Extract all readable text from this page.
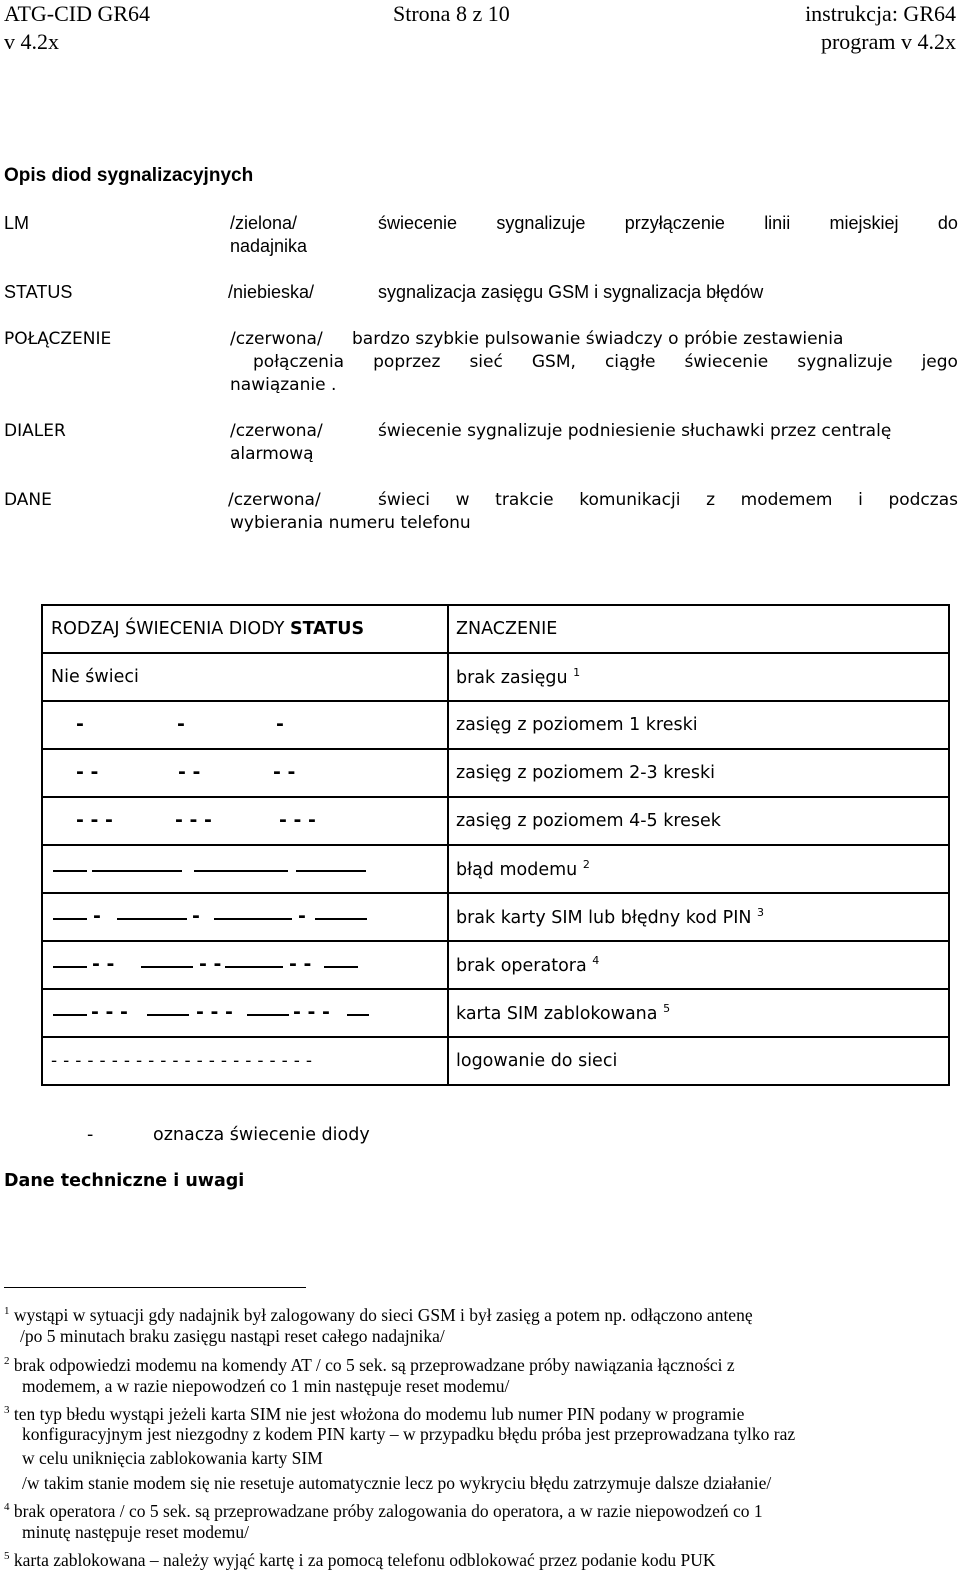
ATG-CID GR64
v 4.2x
Strona 8 z 10	instrukcja: GR64
program v 4.2x
Opis diod sygnalizacyjnych
LM	/zielona/	świecenie sygnalizuje przyłączenie linii miejskiej do
nadajnika
STATUS	/niebieska/	sygnalizacja zasięgu GSM i sygnalizacja błędów
POŁĄCZENIE	/czerwona/ bardzo szybkie pulsowanie świadczy o próbie zestawienia
połączenia poprzez sieć GSM, ciągłe świecenie sygnalizuje jego
nawiązanie .
DIALER	/czerwona/	świecenie sygnalizuje podniesienie słuchawki przez centralę
alarmową
DANE	/czerwona/	świeci w trakcie komunikacji z modemem i podczas
wybierania numeru telefonu
RODZAJ ŚWIECENIA DIODY STATUS	ZNACZENIE
Nie świeci	brak zasięgu $^1$

- - -	zasięg z poziomem 1 kreski

- - - - - -	zasięg z poziomem 2-3 kreski

- - - - - - - - -	zasięg z poziomem 4-5 kresek

	błąd modemu $^2$

- - -	brak karty SIM lub błędny kod PIN $^3$

- - - - - -	brak operatora $^4$

- - - - - - - - -	karta SIM zablokowana $^5$
- - - - - - - - - - - - - - - - - - - - - -	logowanie do sieci
-	oznacza świecenie diody
Dane techniczne i uwagi
$^1$ wystąpi w sytuacji gdy nadajnik był zalogowany do sieci GSM i był zasięg a potem np. odłączono antenę
/po 5 minutach braku zasięgu nastąpi reset całego nadajnika/
$^2$ brak odpowiedzi modemu na komendy AT / co 5 sek. są przeprowadzane próby nawiązania łączności z
modemem, a w razie niepowodzeń co 1 min następuje reset modemu/
$^3$ ten typ błedu wystąpi jeżeli karta SIM nie jest włożona do modemu lub numer PIN podany w programie
konfiguracyjnym jest niezgodny z kodem PIN karty – w przypadku błędu próba jest przeprowadzana tylko raz
w celu uniknięcia zablokowania karty SIM
/w takim stanie modem się nie resetuje automatycznie lecz po wykryciu błędu zatrzymuje dalsze działanie/
$^4$ brak operatora / co 5 sek. są przeprowadzane próby zalogowania do operatora, a w razie niepowodzeń co 1
minutę następuje reset modemu/
$^5$ karta zablokowana – należy wyjąć kartę i za pomocą telefonu odblokować przez podanie kodu PUK
